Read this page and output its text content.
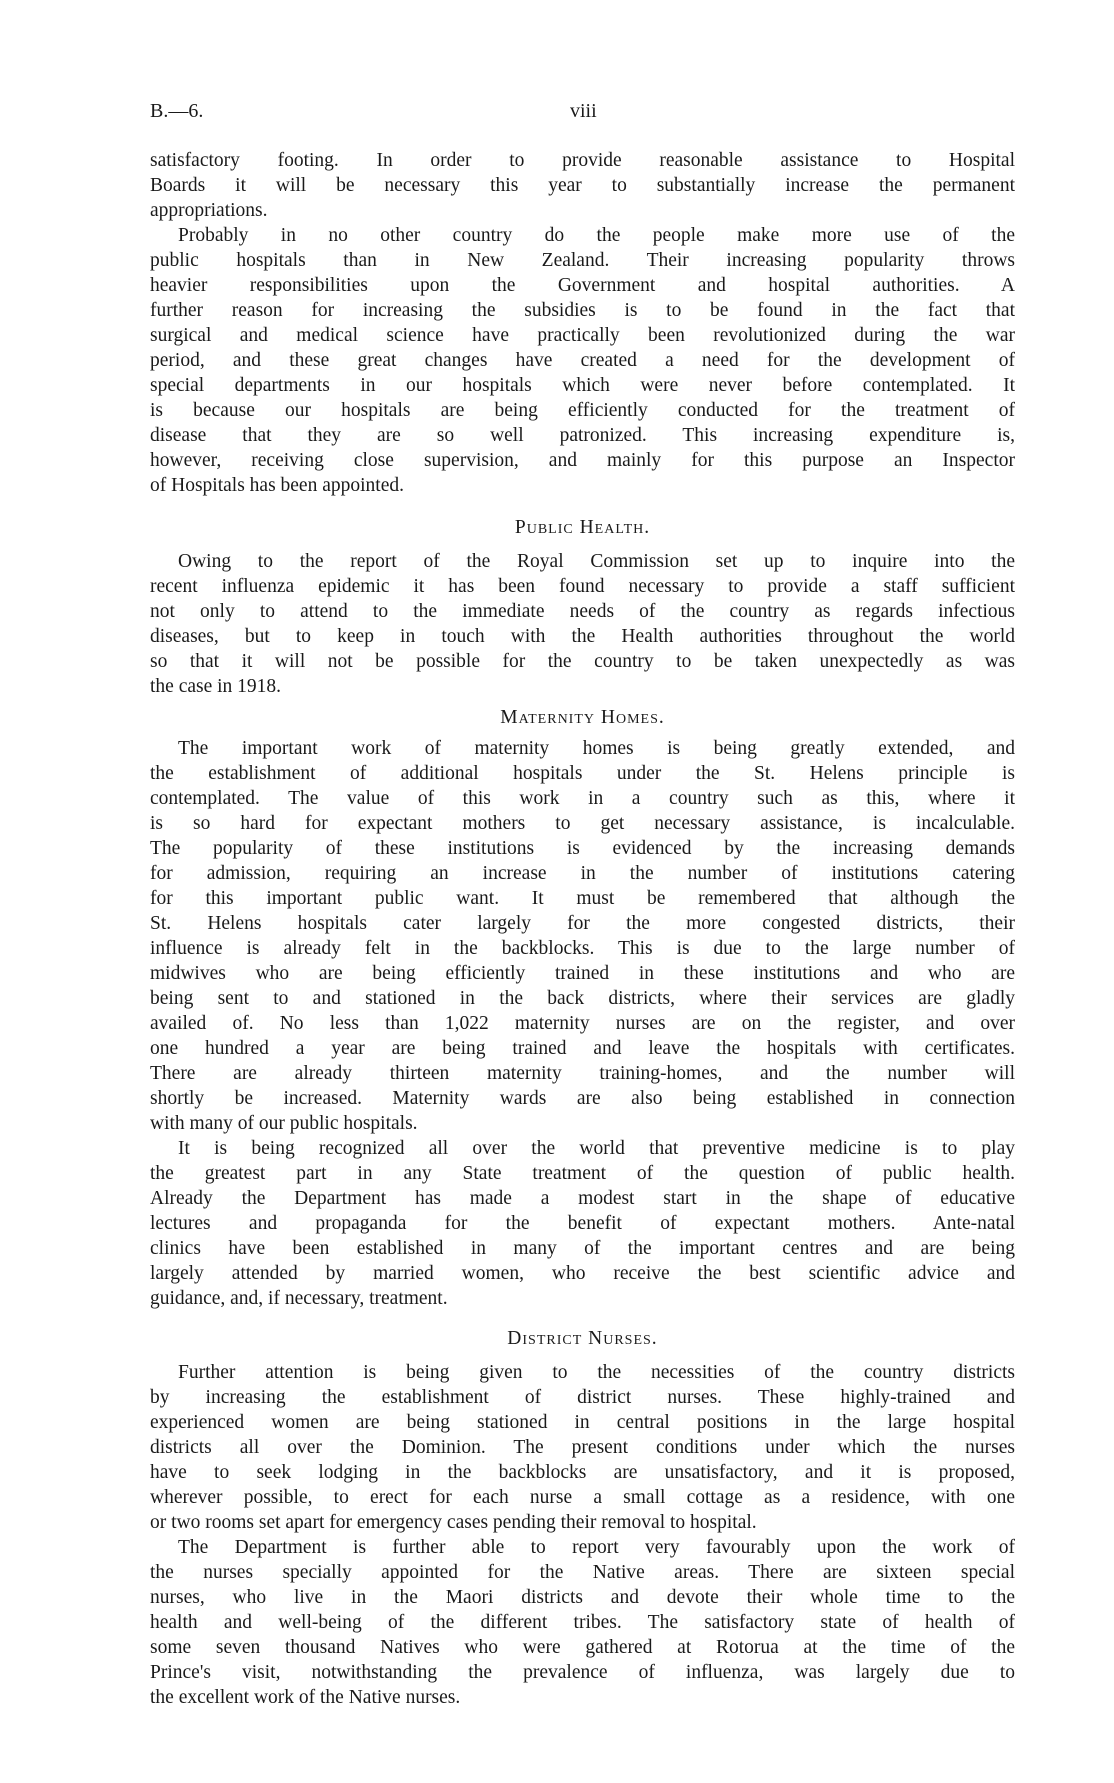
B.—6.	viii
satisfactory footing. In order to provide reasonable assistance to Hospital
Boards it will be necessary this year to substantially increase the permanent
appropriations.
Probably in no other country do the people make more use of the
public hospitals than in New Zealand. Their increasing popularity throws
heavier responsibilities upon the Government and hospital authorities. A
further reason for increasing the subsidies is to be found in the fact that
surgical and medical science have practically been revolutionized during the war
period, and these great changes have created a need for the development of
special departments in our hospitals which were never before contemplated. It
is because our hospitals are being efficiently conducted for the treatment of
disease that they are so well patronized. This increasing expenditure is,
however, receiving close supervision, and mainly for this purpose an Inspector
of Hospitals has been appointed.
Public Health.
Owing to the report of the Royal Commission set up to inquire into the
recent influenza epidemic it has been found necessary to provide a staff sufficient
not only to attend to the immediate needs of the country as regards infectious
diseases, but to keep in touch with the Health authorities throughout the world
so that it will not be possible for the country to be taken unexpectedly as was
the case in 1918.
Maternity Homes.
The important work of maternity homes is being greatly extended, and
the establishment of additional hospitals under the St. Helens principle is
contemplated. The value of this work in a country such as this, where it
is so hard for expectant mothers to get necessary assistance, is incalculable.
The popularity of these institutions is evidenced by the increasing demands
for admission, requiring an increase in the number of institutions catering
for this important public want. It must be remembered that although the
St. Helens hospitals cater largely for the more congested districts, their
influence is already felt in the backblocks. This is due to the large number of
midwives who are being efficiently trained in these institutions and who are
being sent to and stationed in the back districts, where their services are gladly
availed of. No less than 1,022 maternity nurses are on the register, and over
one hundred a year are being trained and leave the hospitals with certificates.
There are already thirteen maternity training-homes, and the number will
shortly be increased. Maternity wards are also being established in connection
with many of our public hospitals.
It is being recognized all over the world that preventive medicine is to play
the greatest part in any State treatment of the question of public health.
Already the Department has made a modest start in the shape of educative
lectures and propaganda for the benefit of expectant mothers. Ante-natal
clinics have been established in many of the important centres and are being
largely attended by married women, who receive the best scientific advice and
guidance, and, if necessary, treatment.
District Nurses.
Further attention is being given to the necessities of the country districts
by increasing the establishment of district nurses. These highly-trained and
experienced women are being stationed in central positions in the large hospital
districts all over the Dominion. The present conditions under which the nurses
have to seek lodging in the backblocks are unsatisfactory, and it is proposed,
wherever possible, to erect for each nurse a small cottage as a residence, with one
or two rooms set apart for emergency cases pending their removal to hospital.
The Department is further able to report very favourably upon the work of
the nurses specially appointed for the Native areas. There are sixteen special
nurses, who live in the Maori districts and devote their whole time to the
health and well-being of the different tribes. The satisfactory state of health of
some seven thousand Natives who were gathered at Rotorua at the time of the
Prince's visit, notwithstanding the prevalence of influenza, was largely due to
the excellent work of the Native nurses.
